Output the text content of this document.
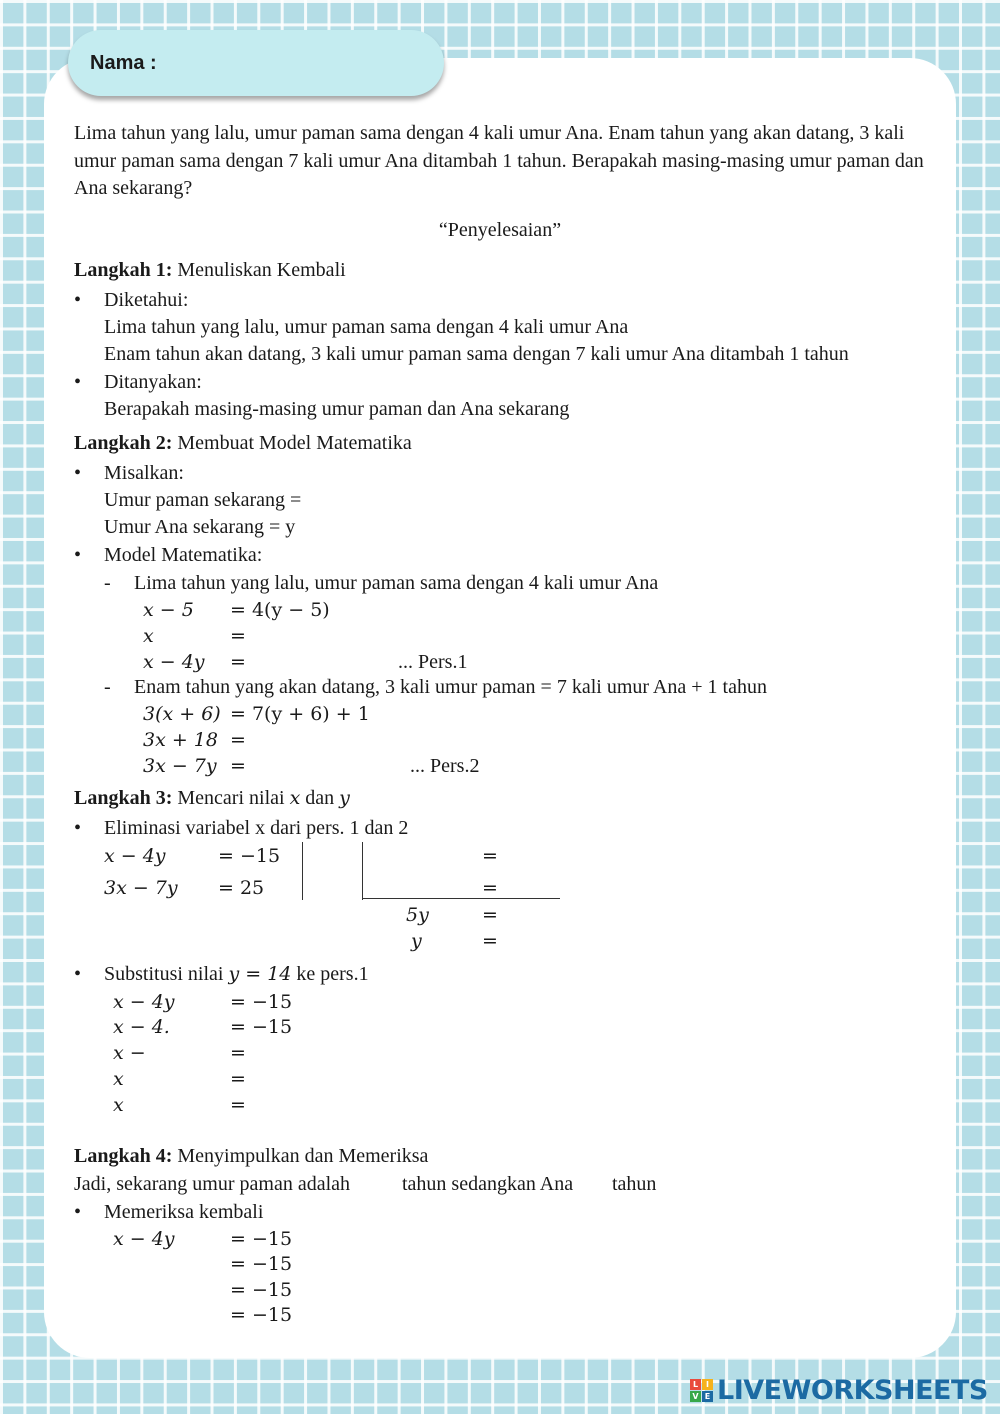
Nama :
Lima tahun yang lalu, umur paman sama dengan 4 kali umur Ana. Enam tahun yang akan datang, 3 kali umur paman sama dengan 7 kali umur Ana ditambah 1 tahun. Berapakah masing-masing umur paman dan Ana sekarang?
“Penyelesaian”
Langkah 1: Menuliskan Kembali
• Diketahui:
Lima tahun yang lalu, umur paman sama dengan 4 kali umur Ana
Enam tahun akan datang, 3 kali umur paman sama dengan 7 kali umur Ana ditambah 1 tahun
• Ditanyakan:
Berapakah masing-masing umur paman dan Ana sekarang
Langkah 2: Membuat Model Matematika
• Misalkan:
Umur paman sekarang =
Umur Ana sekarang = y
• Model Matematika:
- Lima tahun yang lalu, umur paman sama dengan 4 kali umur Ana
x − 5 = 4(y − 5)
x	=
x − 4y =	... Pers.1
- Enam tahun yang akan datang, 3 kali umur paman = 7 kali umur Ana + 1 tahun
3(x + 6) = 7(y + 6) + 1
3x + 18 =
3x − 7y =	... Pers.2
Langkah 3: Mencari nilai x dan y
• Eliminasi variabel x dari pers. 1 dan 2
x − 4y	= −15
3x − 7y = 25
=
=
5y	=
y	=
• Substitusi nilai y = 14 ke pers.1
x − 4y	= −15
x − 4.	= −15
x −	=
x	=
x	=
Langkah 4: Menyimpulkan dan Memeriksa
Jadi, sekarang umur paman adalah	tahun sedangkan Ana tahun
• Memeriksa kembali
x − 4y	= −15
= −15
= −15
= −15
L I
V E LIVEWORKSHEETS
